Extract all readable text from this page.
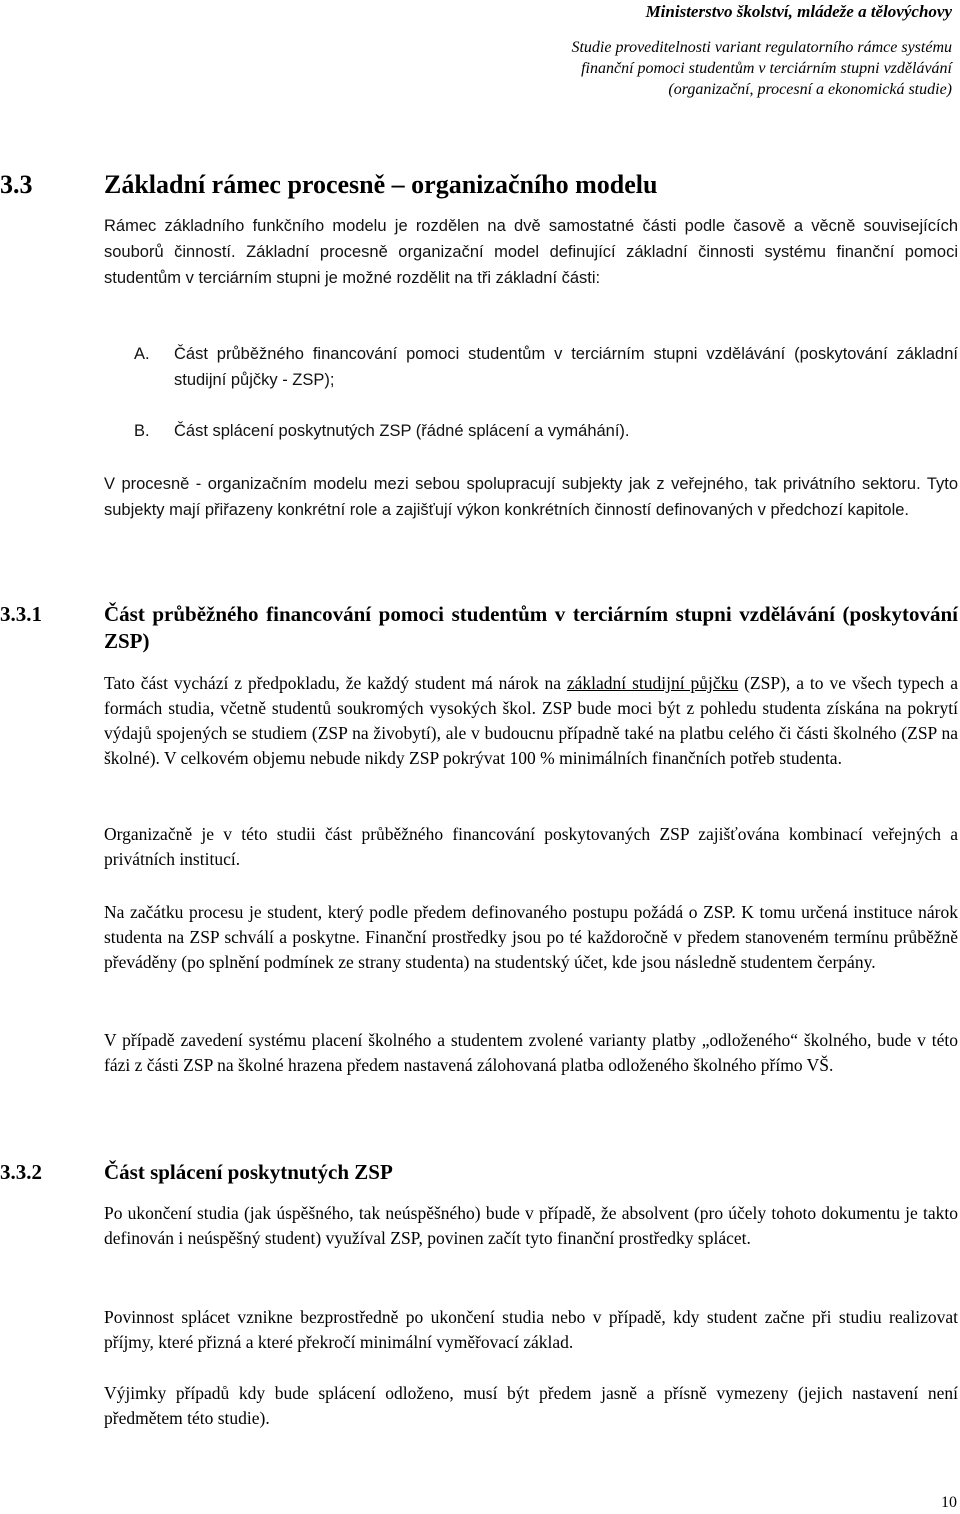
Ministerstvo školství, mládeže a tělovýchovy
Studie proveditelnosti variant regulatorního rámce systému
finanční pomoci studentům v terciárním stupni vzdělávání
(organizační, procesní a ekonomická studie)
3.3	Základní rámec procesně – organizačního modelu
Rámec základního funkčního modelu je rozdělen na dvě samostatné části podle časově a věcně souvisejících souborů činností. Základní procesně organizační model definující základní činnosti systému finanční pomoci studentům v terciárním stupni je možné rozdělit na tři základní části:
A. Část průběžného financování pomoci studentům v terciárním stupni vzdělávání (poskytování základní studijní půjčky - ZSP);
B. Část splácení poskytnutých ZSP (řádné splácení a vymáhání).
V procesně - organizačním modelu mezi sebou spolupracují subjekty jak z veřejného, tak privátního sektoru. Tyto subjekty mají přiřazeny konkrétní role a zajišťují výkon konkrétních činností definovaných v předchozí kapitole.
3.3.1	Část průběžného financování pomoci studentům v terciárním stupni vzdělávání (poskytování ZSP)
Tato část vychází z předpokladu, že každý student má nárok na základní studijní půjčku (ZSP), a to ve všech typech a formách studia, včetně studentů soukromých vysokých škol. ZSP bude moci být z pohledu studenta získána na pokrytí výdajů spojených se studiem (ZSP na živobytí), ale v budoucnu případně také na platbu celého či části školného (ZSP na školné). V celkovém objemu nebude nikdy ZSP pokrývat 100 % minimálních finančních potřeb studenta.
Organizačně je v této studii část průběžného financování poskytovaných ZSP zajišťována kombinací veřejných a privátních institucí.
Na začátku procesu je student, který podle předem definovaného postupu požádá o ZSP. K tomu určená instituce nárok studenta na ZSP schválí a poskytne. Finanční prostředky jsou po té každoročně v předem stanoveném termínu průběžně převáděny (po splnění podmínek ze strany studenta) na studentský účet, kde jsou následně studentem čerpány.
V případě zavedení systému placení školného a studentem zvolené varianty platby „odloženého“ školného, bude v této fázi z části ZSP na školné hrazena předem nastavená zálohovaná platba odloženého školného přímo VŠ.
3.3.2	Část splácení poskytnutých ZSP
Po ukončení studia (jak úspěšného, tak neúspěšného) bude v případě, že absolvent (pro účely tohoto dokumentu je takto definován i neúspěšný student) využíval ZSP, povinen začít tyto finanční prostředky splácet.
Povinnost splácet vznikne bezprostředně po ukončení studia nebo v případě, kdy student začne při studiu realizovat příjmy, které přizná a které překročí minimální vyměřovací základ.
Výjimky případů kdy bude splácení odloženo, musí být předem jasně a přísně vymezeny (jejich nastavení není předmětem této studie).
10
